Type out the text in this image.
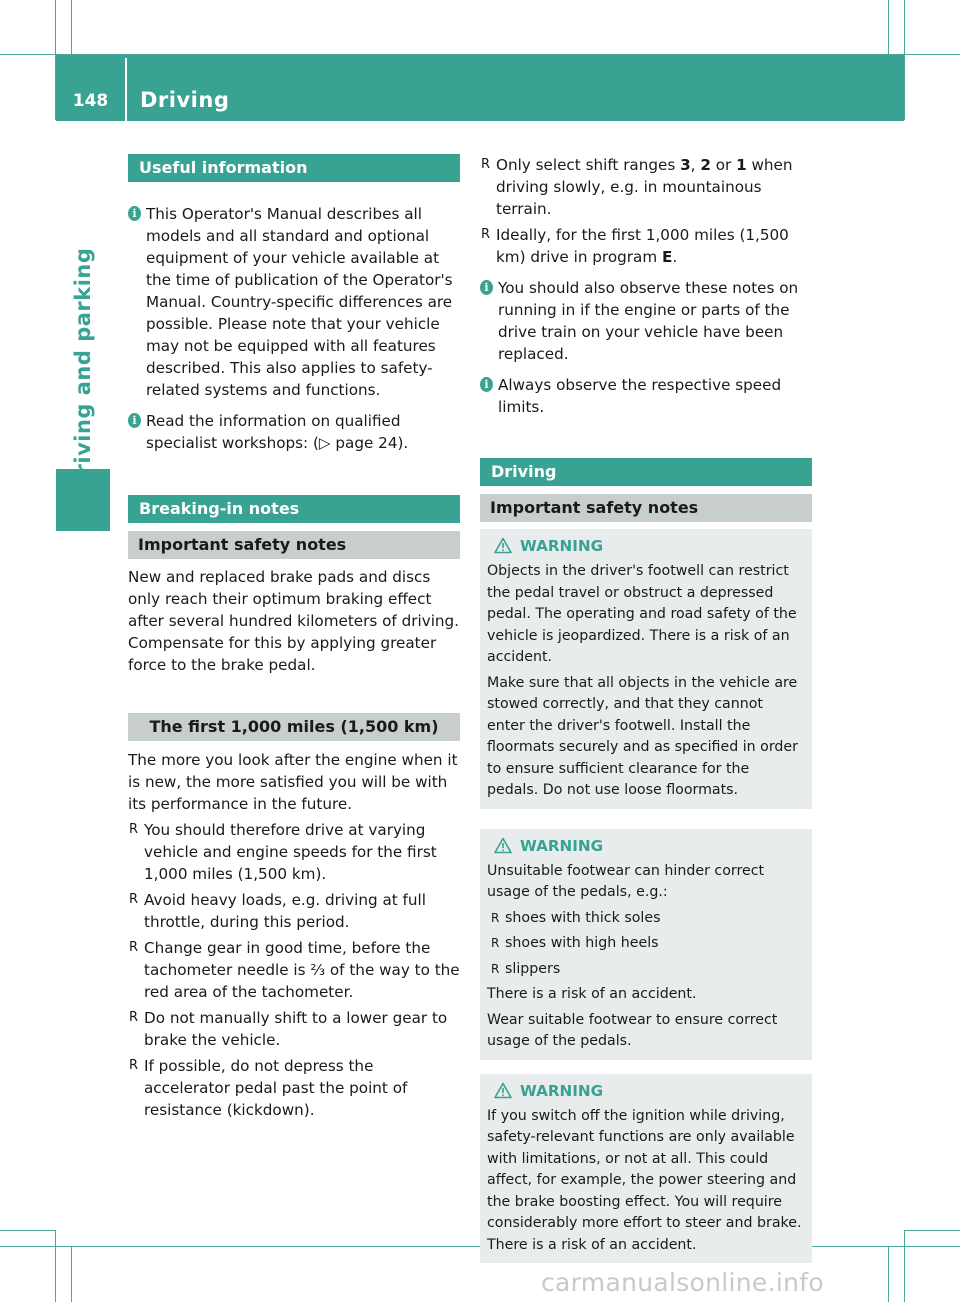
148	Driving
Driving and parking
Useful information
i This Operator's Manual describes all models and all standard and optional equipment of your vehicle available at the time of publication of the Operator's Manual. Country-specific differences are possible. Please note that your vehicle may not be equipped with all features described. This also applies to safety-related systems and functions.
i Read the information on qualified specialist workshops: (▷ page 24).
Breaking-in notes
Important safety notes

New and replaced brake pads and discs only reach their optimum braking effect after several hundred kilometers of driving. Compensate for this by applying greater force to the brake pedal.

The first 1,000 miles (1,500 km)

The more you look after the engine when it is new, the more satisfied you will be with its performance in the future.

R You should therefore drive at varying vehicle and engine speeds for the first 1,000 miles (1,500 km).
R Avoid heavy loads, e.g. driving at full throttle, during this period.
R Change gear in good time, before the tachometer needle is ⅔ of the way to the red area of the tachometer.
R Do not manually shift to a lower gear to brake the vehicle.
R If possible, do not depress the accelerator pedal past the point of resistance (kickdown).
R Only select shift ranges 3, 2 or 1 when driving slowly, e.g. in mountainous terrain.
R Ideally, for the first 1,000 miles (1,500 km) drive in program E.
i You should also observe these notes on running in if the engine or parts of the drive train on your vehicle have been replaced.
i Always observe the respective speed limits.
Driving
Important safety notes
WARNING

Objects in the driver's footwell can restrict the pedal travel or obstruct a depressed pedal. The operating and road safety of the vehicle is jeopardized. There is a risk of an accident.

Make sure that all objects in the vehicle are stowed correctly, and that they cannot enter the driver's footwell. Install the floormats securely and as specified in order to ensure sufficient clearance for the pedals. Do not use loose floormats.

WARNING

Unsuitable footwear can hinder correct usage of the pedals, e.g.:

R shoes with thick soles
R shoes with high heels
R slippers

There is a risk of an accident.

Wear suitable footwear to ensure correct usage of the pedals.

WARNING

If you switch off the ignition while driving, safety-relevant functions are only available with limitations, or not at all. This could affect, for example, the power steering and the brake boosting effect. You will require considerably more effort to steer and brake. There is a risk of an accident.

carmanualsonline.info
